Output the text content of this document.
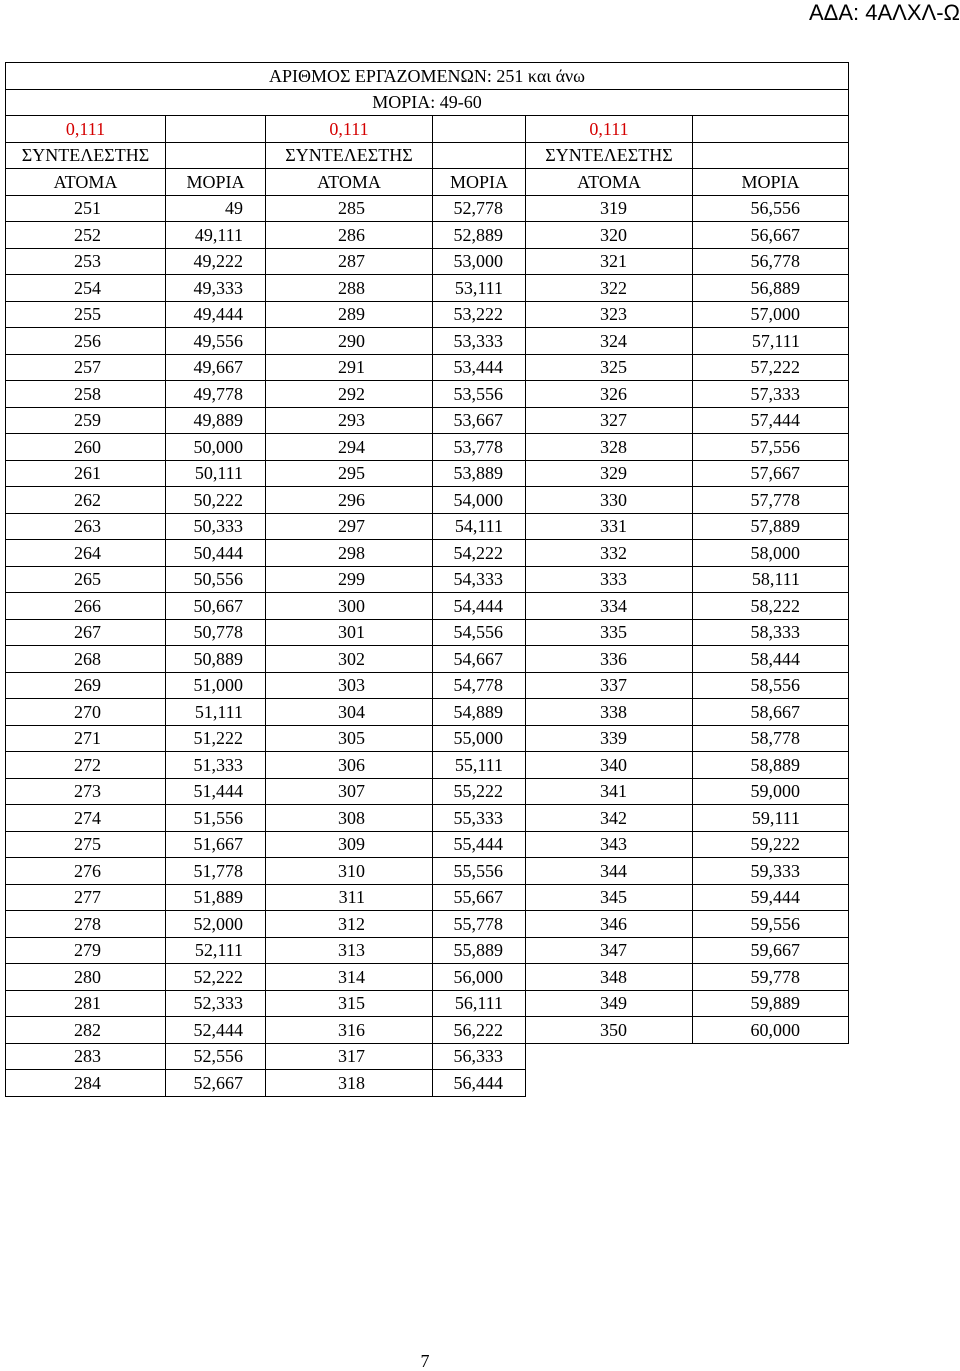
ΑΔΑ: 4ΑΛΧΛ-Ω
ΑΡΙΘΜΟΣ ΕΡΓΑΖΟΜΕΝΩΝ: 251 και άνω					
ΜΟΡΙΑ: 49-60					
0,111		0,111		0,111	
ΣΥΝΤΕΛΕΣΤΗΣ		ΣΥΝΤΕΛΕΣΤΗΣ		ΣΥΝΤΕΛΕΣΤΗΣ	
ΑΤΟΜΑ	ΜΟΡΙΑ	ΑΤΟΜΑ	ΜΟΡΙΑ	ΑΤΟΜΑ	ΜΟΡΙΑ
251	49	285	52,778	319	56,556
252	49,111	286	52,889	320	56,667
253	49,222	287	53,000	321	56,778
254	49,333	288	53,111	322	56,889
255	49,444	289	53,222	323	57,000
256	49,556	290	53,333	324	57,111
257	49,667	291	53,444	325	57,222
258	49,778	292	53,556	326	57,333
259	49,889	293	53,667	327	57,444
260	50,000	294	53,778	328	57,556
261	50,111	295	53,889	329	57,667
262	50,222	296	54,000	330	57,778
263	50,333	297	54,111	331	57,889
264	50,444	298	54,222	332	58,000
265	50,556	299	54,333	333	58,111
266	50,667	300	54,444	334	58,222
267	50,778	301	54,556	335	58,333
268	50,889	302	54,667	336	58,444
269	51,000	303	54,778	337	58,556
270	51,111	304	54,889	338	58,667
271	51,222	305	55,000	339	58,778
272	51,333	306	55,111	340	58,889
273	51,444	307	55,222	341	59,000
274	51,556	308	55,333	342	59,111
275	51,667	309	55,444	343	59,222
276	51,778	310	55,556	344	59,333
277	51,889	311	55,667	345	59,444
278	52,000	312	55,778	346	59,556
279	52,111	313	55,889	347	59,667
280	52,222	314	56,000	348	59,778
281	52,333	315	56,111	349	59,889
282	52,444	316	56,222	350	60,000
283	52,556	317	56,333		
284	52,667	318	56,444		
7
